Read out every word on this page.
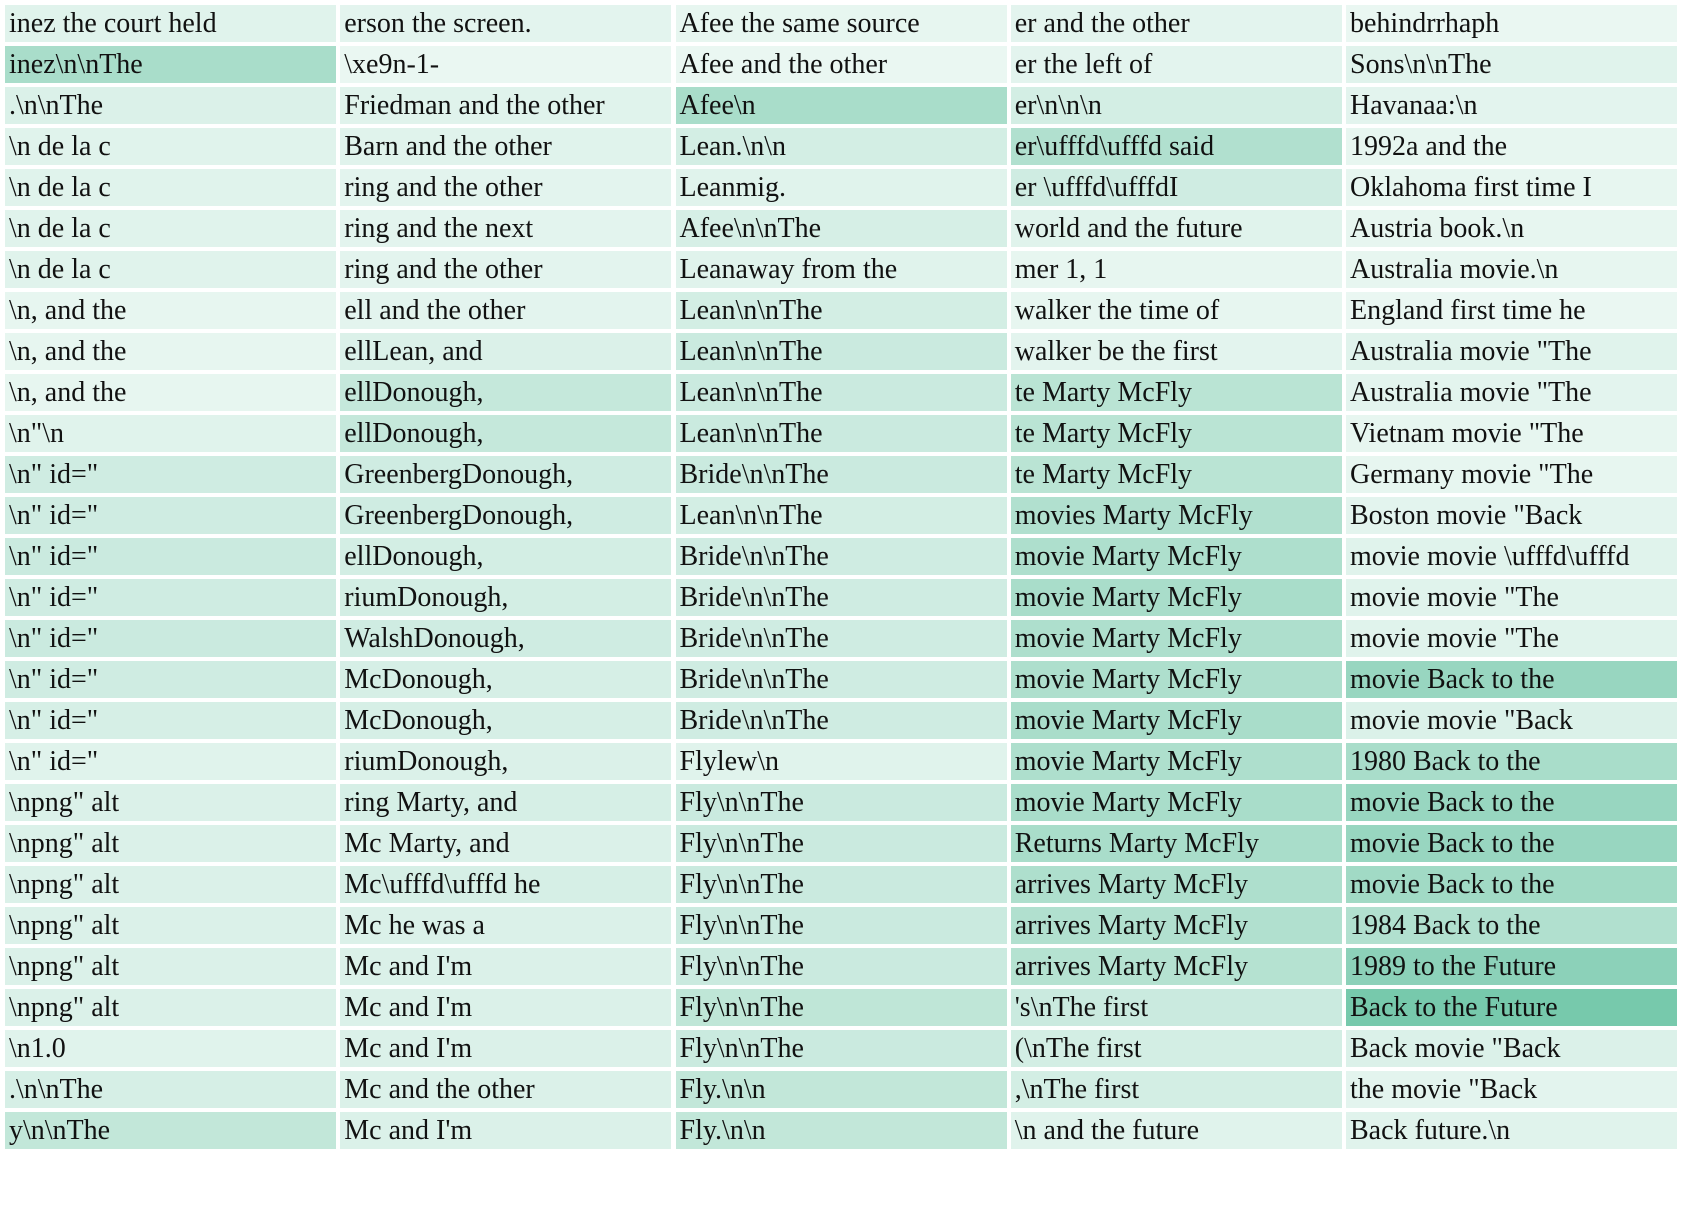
inez the court held	erson the screen.	Afee the same source	er and the other	behindrrhaph
inez\n\nThe	\xe9n-1-	Afee and the other	er the left of	Sons\n\nThe
.\n\nThe	Friedman and the other	Afee\n	er\n\n\n	Havanaa:\n
\n de la c	Barn and the other	Lean.\n\n	er\ufffd\ufffd said	1992a and the
\n de la c	ring and the other	Leanmig.	er \ufffd\ufffdI	Oklahoma first time I
\n de la c	ring and the next	Afee\n\nThe	world and the future	Austria book.\n
\n de la c	ring and the other	Leanaway from the	mer 1, 1	Australia movie.\n
\n, and the	ell and the other	Lean\n\nThe	walker the time of	England first time he
\n, and the	ellLean, and	Lean\n\nThe	walker be the first	Australia movie "The
\n, and the	ellDonough,	Lean\n\nThe	te Marty McFly	Australia movie "The
\n"\n	ellDonough,	Lean\n\nThe	te Marty McFly	Vietnam movie "The
\n" id="	GreenbergDonough,	Bride\n\nThe	te Marty McFly	Germany movie "The
\n" id="	GreenbergDonough,	Lean\n\nThe	movies Marty McFly	Boston movie "Back
\n" id="	ellDonough,	Bride\n\nThe	movie Marty McFly	movie movie \ufffd\ufffd
\n" id="	riumDonough,	Bride\n\nThe	movie Marty McFly	movie movie "The
\n" id="	WalshDonough,	Bride\n\nThe	movie Marty McFly	movie movie "The
\n" id="	McDonough,	Bride\n\nThe	movie Marty McFly	movie Back to the
\n" id="	McDonough,	Bride\n\nThe	movie Marty McFly	movie movie "Back
\n" id="	riumDonough,	Flylew\n	movie Marty McFly	1980 Back to the
\npng" alt	ring Marty, and	Fly\n\nThe	movie Marty McFly	movie Back to the
\npng" alt	Mc Marty, and	Fly\n\nThe	Returns Marty McFly	movie Back to the
\npng" alt	Mc\ufffd\ufffd he	Fly\n\nThe	arrives Marty McFly	movie Back to the
\npng" alt	Mc he was a	Fly\n\nThe	arrives Marty McFly	1984 Back to the
\npng" alt	Mc and I'm	Fly\n\nThe	arrives Marty McFly	1989 to the Future
\npng" alt	Mc and I'm	Fly\n\nThe	's\nThe first	Back to the Future
\n1.0	Mc and I'm	Fly\n\nThe	(\nThe first	Back movie "Back
.\n\nThe	Mc and the other	Fly.\n\n	,\nThe first	the movie "Back
y\n\nThe	Mc and I'm	Fly.\n\n	\n and the future	Back future.\n
